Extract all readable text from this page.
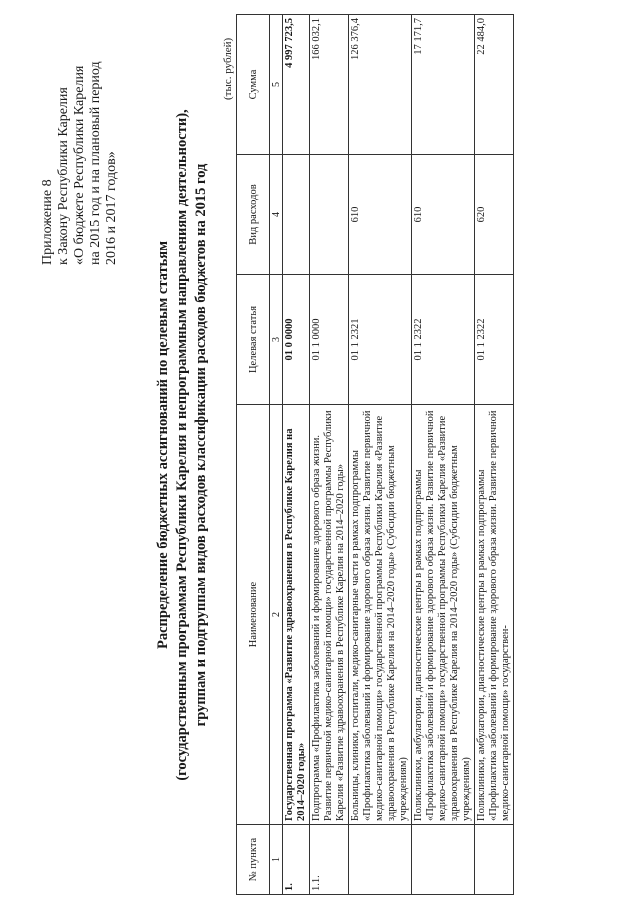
Приложение 8 к Закону Республики Карелия «О бюджете Республики Карелия на 2015 год и на плановый период 2016 и 2017 годов»
Распределение бюджетных ассигнований по целевым статьям (государственным программам Республики Карелия и непрограммным направлениям деятельности), группам и подгруппам видов расходов классификации расходов бюджетов на 2015 год
(тыс. рублей)
№ пункта	Наименование	Целевая статья	Вид расходов	Сумма
1	2	3	4	5
1.	Государственная программа «Развитие здравоохранения в Республике Карелия на 2014–2020 годы»	01 0 0000		4 997 723,5
1.1.	Подпрограмма «Профилактика заболеваний и формирование здорового образа жизни. Развитие первичной медико-санитарной помощи» государственной программы Республики Карелия «Развитие здравоохранения в Республике Карелия на 2014–2020 годы»	01 1 0000		166 032,1
	Больницы, клиники, госпитали, медико-санитарные части в рамках подпрограммы «Профилактика заболеваний и формирование здорового образа жизни. Развитие первичной медико-санитарной помощи» государственной программы Республики Карелия «Развитие здравоохранения в Республике Карелия на 2014–2020 годы» (Субсидии бюджетным учреждениям)	01 1 2321	610	126 376,4
	Поликлиники, амбулатории, диагностические центры в рамках подпрограммы «Профилактика заболеваний и формирование здорового образа жизни. Развитие первичной медико-санитарной помощи» государственной программы Республики Карелия «Развитие здравоохранения в Республике Карелия на 2014–2020 годы» (Субсидии бюджетным учреждениям)	01 1 2322	610	17 171,7
	Поликлиники, амбулатории, диагностические центры в рамках подпрограммы «Профилактика заболеваний и формирование здорового образа жизни. Развитие первичной медико-санитарной помощи» государствен-	01 1 2322	620	22 484,0
